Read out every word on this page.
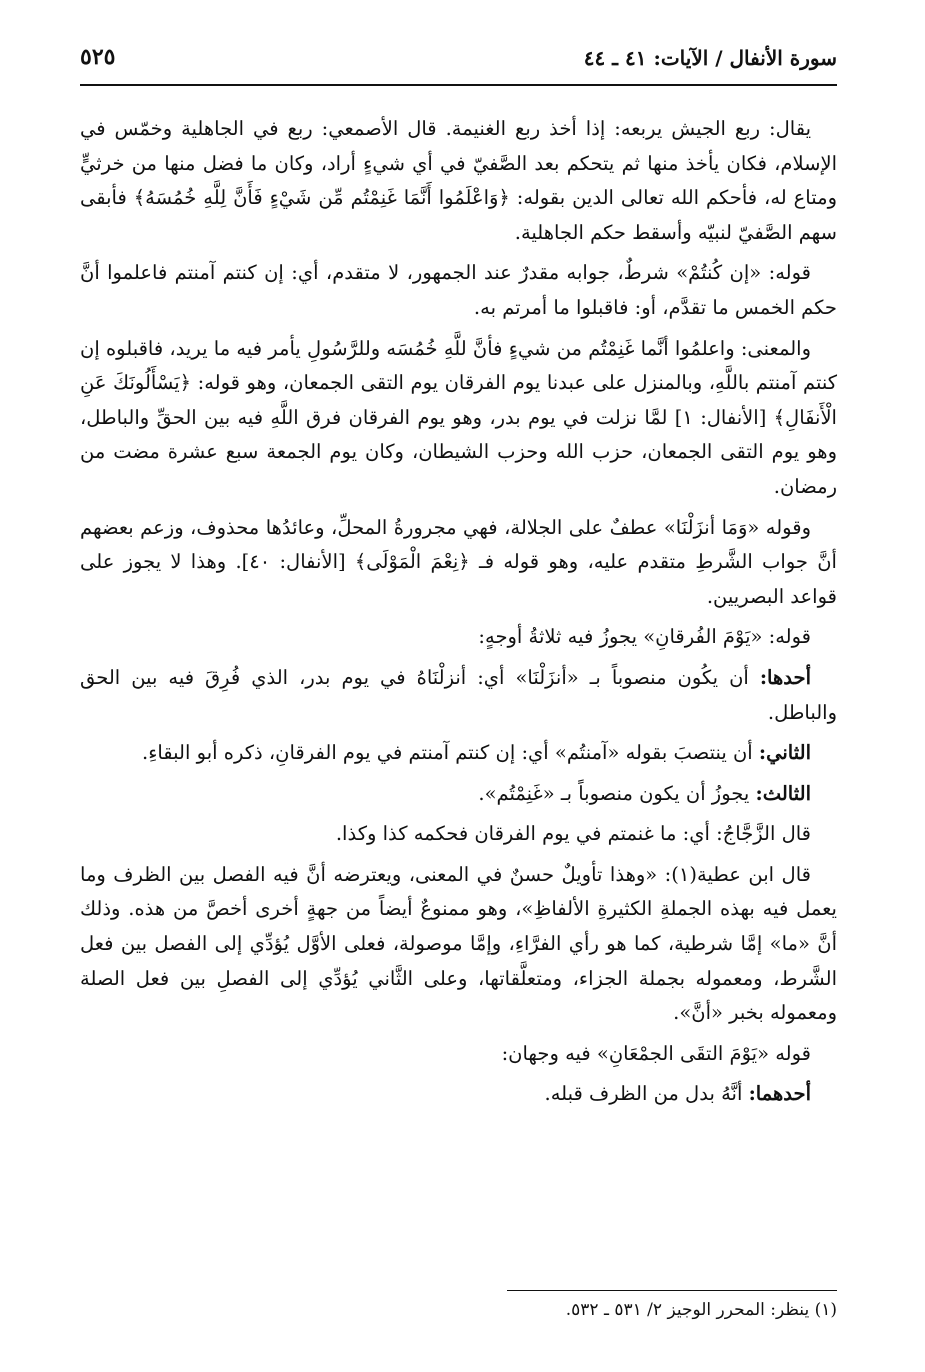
سورة الأنفال / الآيات: ٤١ ـ ٤٤
٥٢٥

يقال: ربع الجيش يربعه: إذا أخذ ربع الغنيمة. قال الأصمعي: ربع في الجاهلية وخمّس في الإسلام، فكان يأخذ منها ثم يتحكم بعد الصَّفيّ في أي شيءٍ أراد، وكان ما فضل منها من خرثيٍّ ومتاع له، فأحكم الله تعالى الدين بقوله: ﴿وَاعْلَمُوا أَنَّمَا غَنِمْتُم مِّن شَيْءٍ فَأَنَّ لِلَّهِ خُمُسَهُ﴾ فأبقى سهم الصَّفيّ لنبيّه وأسقط حكم الجاهلية.

قوله: «إن كُنتُمْ» شرطٌ، جوابه مقدرٌ عند الجمهور، لا متقدم، أي: إن كنتم آمنتم فاعلموا أنَّ حكم الخمس ما تقدَّم، أو: فاقبلوا ما أمرتم به.

والمعنى: واعلمُوا أنَّما غَنِمْتُم من شيءٍ فأنَّ للَّهِ خُمُسَه وللرَّسُولِ يأمر فيه ما يريد، فاقبلوه إن كنتم آمنتم باللَّهِ، وبالمنزل على عبدنا يوم الفرقان يوم التقى الجمعان، وهو قوله: ﴿يَسْأَلُونَكَ عَنِ الْأَنفَالِ﴾ [الأنفال: ١] لمَّا نزلت في يوم بدر، وهو يوم الفرقان فرق اللَّهِ فيه بين الحقِّ والباطل، وهو يوم التقى الجمعان، حزب الله وحزب الشيطان، وكان يوم الجمعة سبع عشرة مضت من رمضان.

وقوله «وَمَا أنزَلْنَا» عطفٌ على الجلالة، فهي مجرورةُ المحلِّ، وعائدُها محذوف، وزعم بعضهم أنَّ جواب الشَّرطِ متقدم عليه، وهو قوله فـ ﴿نِعْمَ الْمَوْلَى﴾ [الأنفال: ٤٠]. وهذا لا يجوز على قواعد البصريين.

قوله: «يَوْمَ الفُرقانِ» يجوزُ فيه ثلاثةُ أوجهٍ:

أحدها: أن يكُون منصوباً بـ «أنزَلْنَا» أي: أنزلْنَاهُ في يوم بدر، الذي فُرِقَ فيه بين الحق والباطل.

الثاني: أن ينتصبَ بقوله «آمنتُم» أي: إن كنتم آمنتم في يوم الفرقانِ، ذكره أبو البقاءِ.

الثالث: يجوزُ أن يكون منصوباً بـ «غَنِمْتُم».

قال الزَّجَّاجُ: أي: ما غنمتم في يوم الفرقان فحكمه كذا وكذا.

قال ابن عطية(١): «وهذا تأويلٌ حسنٌ في المعنى، ويعترضه أنَّ فيه الفصل بين الظرف وما يعمل فيه بهذه الجملةِ الكثيرةِ الألفاظِ»، وهو ممنوعٌ أيضاً من جهةٍ أخرى أخصَّ من هذه. وذلك أنَّ «ما» إمَّا شرطية، كما هو رأي الفرَّاءِ، وإمَّا موصولة، فعلى الأوَّل يُؤدِّي إلى الفصل بين فعل الشَّرط، ومعموله بجملة الجزاء، ومتعلَّقاتها، وعلى الثَّاني يُؤدِّي إلى الفصلِ بين فعل الصلة ومعموله بخبر «أنَّ».

قوله «يَوْمَ التقَى الجمْعَانِ» فيه وجهان:

أحدهما: أنَّهُ بدل من الظرف قبله.

(١) ينظر: المحرر الوجيز ٢/ ٥٣١ ـ ٥٣٢.
